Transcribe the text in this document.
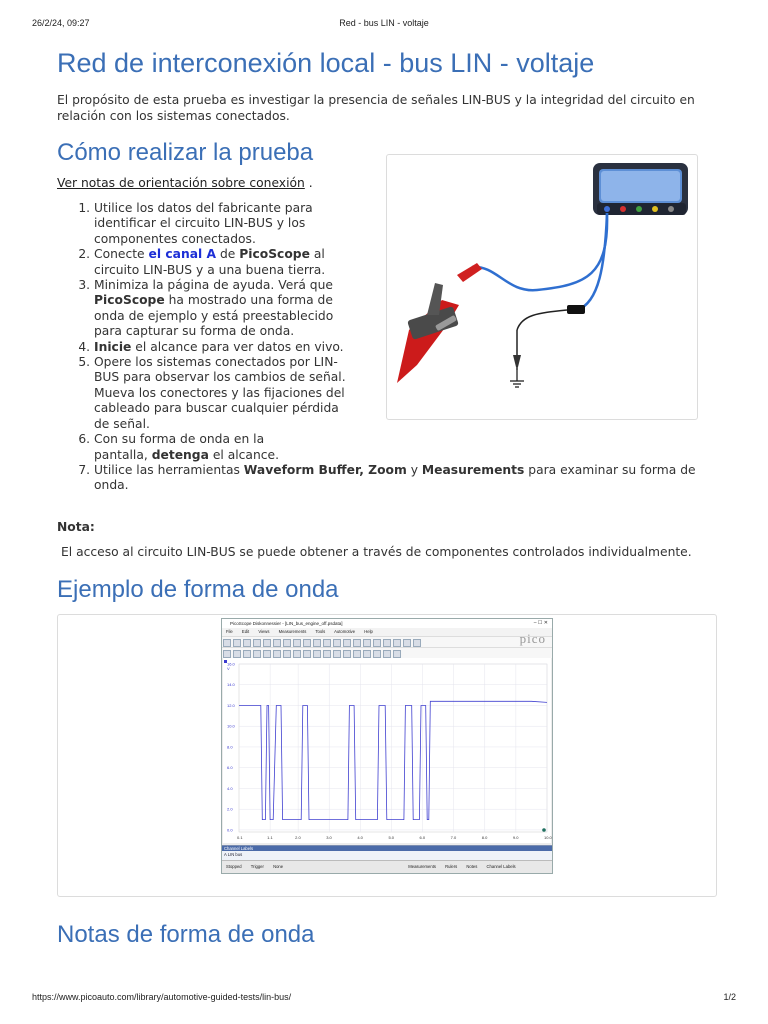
26/2/24, 09:27	Red - bus LIN - voltaje
Red de interconexión local - bus LIN - voltaje

El propósito de esta prueba es investigar la presencia de señales LIN-BUS y la integridad del circuito en relación con los sistemas conectados.

Cómo realizar la prueba
Ver notas de orientación sobre conexión .
1. Utilice los datos del fabricante para identificar el circuito LIN-BUS y los componentes conectados.
2. Conecte el canal A de PicoScope al circuito LIN-BUS y a una buena tierra.
3. Minimiza la página de ayuda. Verá que PicoScope ha mostrado una forma de onda de ejemplo y está preestablecido para capturar su forma de onda.
4. Inicie el alcance para ver datos en vivo.
5. Opere los sistemas conectados por LIN-BUS para observar los cambios de señal. Mueva los conectores y las fijaciones del cableado para buscar cualquier pérdida de señal.
6. Con su forma de onda en la pantalla, detenga el alcance.
7. Utilice las herramientas Waveform Buffer, Zoom y Measurements para examinar su forma de onda.
Nota:
El acceso al circuito LIN-BUS se puede obtener a través de componentes controlados individualmente.
Ejemplo de forma de onda
PicoScope Diskonnessier - [LIN_bus_engine_off.psdata]	– ☐ ✕
File Edit Views Measurements Tools Automotive Help	pico
16.0
14.0
12.0
10.0
8.0
6.0
4.0
2.0
0.0
1.1	2.0	3.0	4.0	5.0	6.0	7.0	8.0	9.0	10.0
0.1
V
Channel Labels
A LIN bus
Stopped Trigger None	Measurements Rulers Notes Channel Labels
Notas de forma de onda
https://www.picoauto.com/library/automotive-guided-tests/lin-bus/	1/2
